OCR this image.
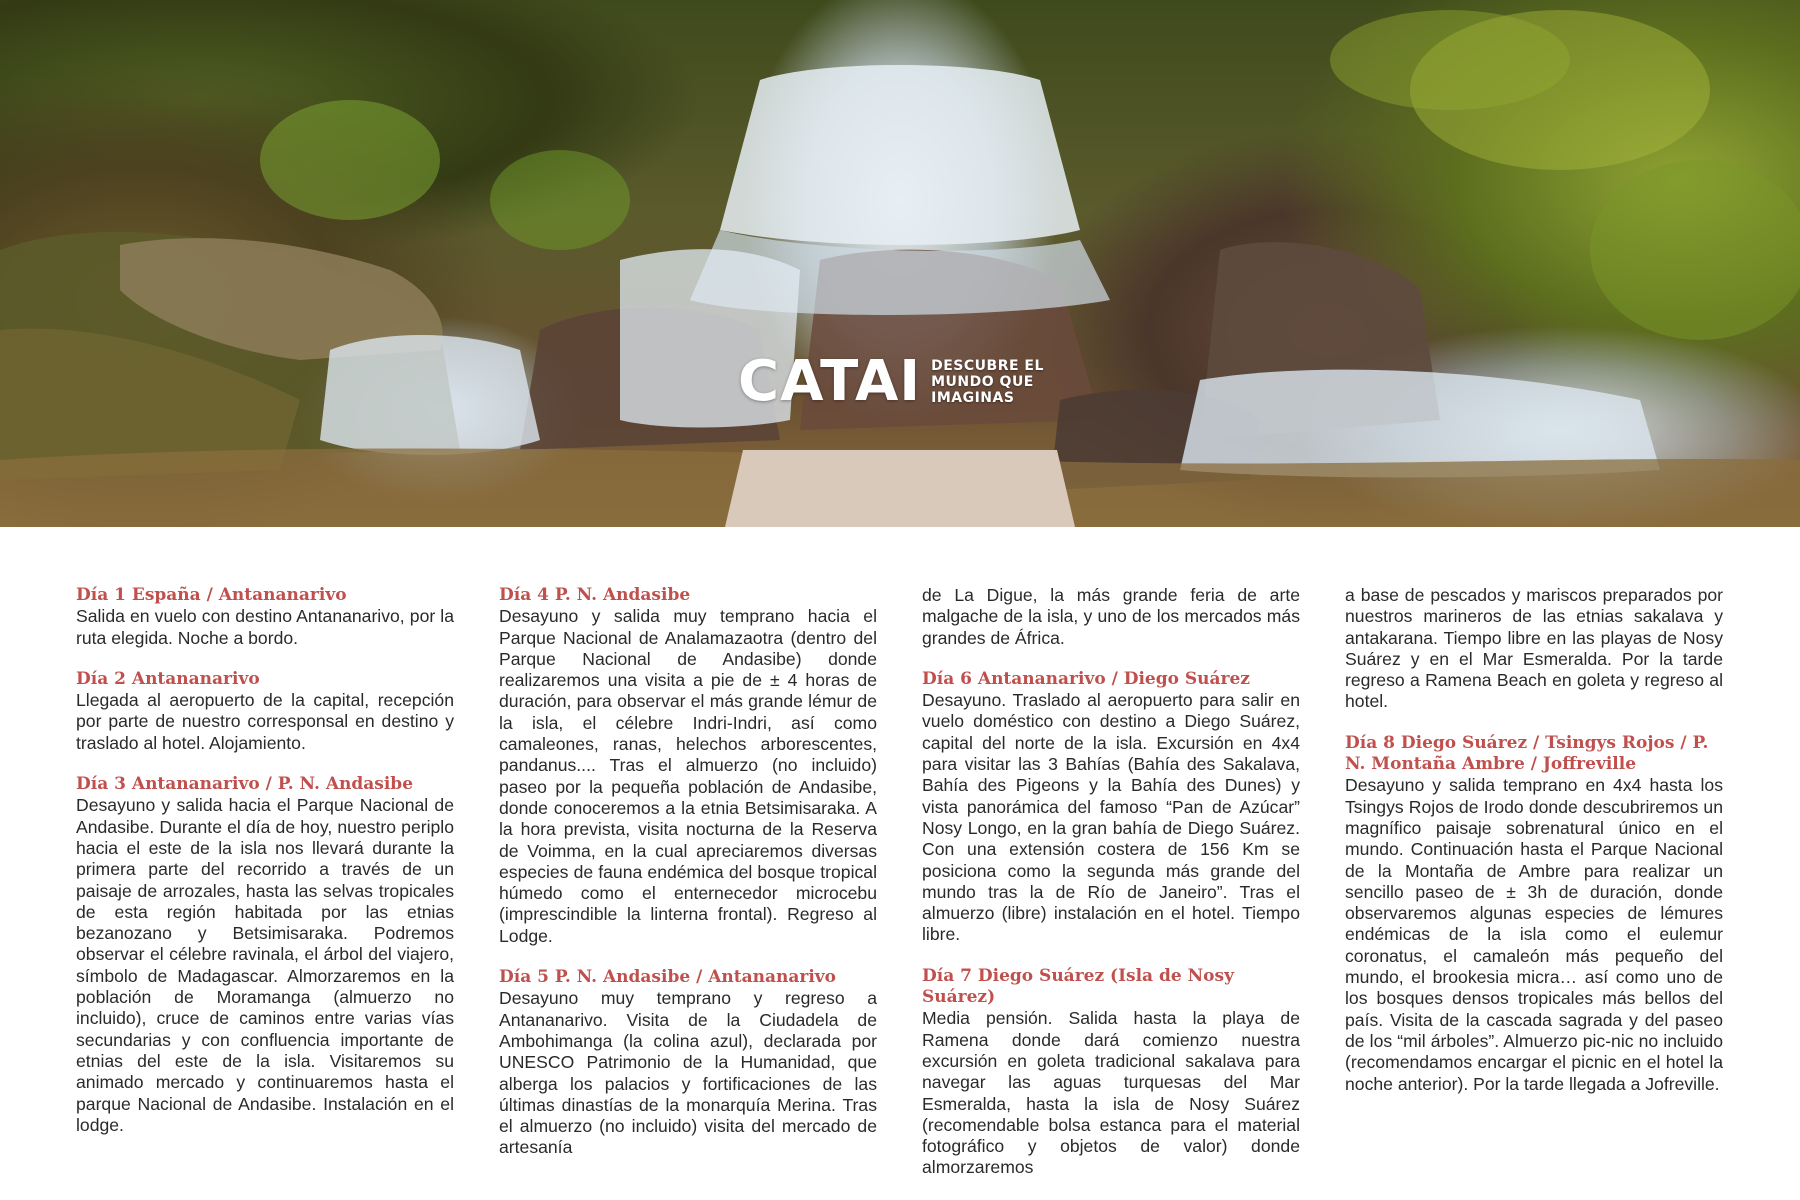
CATAI DESCUBRE EL
MUNDO QUE
IMAGINAS
Día 1 España / Antananarivo
Salida en vuelo con destino Antananarivo, por la ruta elegida. Noche a bordo.
Día 2 Antananarivo
Llegada al aeropuerto de la capital, recepción por parte de nuestro corresponsal en destino y traslado al hotel. Alojamiento.
Día 3 Antananarivo / P. N. Andasibe
Desayuno y salida hacia el Parque Nacional de Andasibe. Durante el día de hoy, nuestro periplo hacia el este de la isla nos llevará durante la primera parte del recorrido a través de un paisaje de arrozales, hasta las selvas tropicales de esta región habitada por las etnias bezanozano y Betsimisaraka. Podremos observar el célebre ravinala, el árbol del viajero, símbolo de Madagascar. Almorzaremos en la población de Moramanga (almuerzo no incluido), cruce de caminos entre varias vías secundarias y con confluencia importante de etnias del este de la isla. Visitaremos su animado mercado y continuaremos hasta el parque Nacional de Andasibe. Instalación en el lodge.
Día 4 P. N. Andasibe
Desayuno y salida muy temprano hacia el Parque Nacional de Analamazaotra (dentro del Parque Nacional de Andasibe) donde realizaremos una visita a pie de ± 4 horas de duración, para observar el más grande lémur de la isla, el célebre Indri-Indri, así como camaleones, ranas, helechos arborescentes, pandanus.... Tras el almuerzo (no incluido) paseo por la pequeña población de Andasibe, donde conoceremos a la etnia Betsimisaraka. A la hora prevista, visita nocturna de la Reserva de Voimma, en la cual apreciaremos diversas especies de fauna endémica del bosque tropical húmedo como el enternecedor microcebu (imprescindible la linterna frontal). Regreso al Lodge.
Día 5 P. N. Andasibe / Antananarivo
Desayuno muy temprano y regreso a Antananarivo. Visita de la Ciudadela de Ambohimanga (la colina azul), declarada por UNESCO Patrimonio de la Humanidad, que alberga los palacios y fortificaciones de las últimas dinastías de la monarquía Merina. Tras el almuerzo (no incluido) visita del mercado de artesanía
de La Digue, la más grande feria de arte malgache de la isla, y uno de los mercados más grandes de África.
Día 6 Antananarivo / Diego Suárez
Desayuno. Traslado al aeropuerto para salir en vuelo doméstico con destino a Diego Suárez, capital del norte de la isla. Excursión en 4x4 para visitar las 3 Bahías (Bahía des Sakalava, Bahía des Pigeons y la Bahía des Dunes) y vista panorámica del famoso “Pan de Azúcar” Nosy Longo, en la gran bahía de Diego Suárez. Con una extensión costera de 156 Km se posiciona como la segunda más grande del mundo tras la de Río de Janeiro”. Tras el almuerzo (libre) instalación en el hotel. Tiempo libre.
Día 7 Diego Suárez (Isla de Nosy Suárez)
Media pensión. Salida hasta la playa de Ramena donde dará comienzo nuestra excursión en goleta tradicional sakalava para navegar las aguas turquesas del Mar Esmeralda, hasta la isla de Nosy Suárez (recomendable bolsa estanca para el material fotográfico y objetos de valor) donde almorzaremos
a base de pescados y mariscos preparados por nuestros marineros de las etnias sakalava y antakarana. Tiempo libre en las playas de Nosy Suárez y en el Mar Esmeralda. Por la tarde regreso a Ramena Beach en goleta y regreso al hotel.
Día 8 Diego Suárez / Tsingys Rojos / P. N. Montaña Ambre / Joffreville
Desayuno y salida temprano en 4x4 hasta los Tsingys Rojos de Irodo donde descubriremos un magnífico paisaje sobrenatural único en el mundo. Continuación hasta el Parque Nacional de la Montaña de Ambre para realizar un sencillo paseo de ± 3h de duración, donde observaremos algunas especies de lémures endémicas de la isla como el eulemur coronatus, el camaleón más pequeño del mundo, el brookesia micra… así como uno de los bosques densos tropicales más bellos del país. Visita de la cascada sagrada y del paseo de los “mil árboles”. Almuerzo pic-nic no incluido (recomendamos encargar el picnic en el hotel la noche anterior). Por la tarde llegada a Jofreville.
